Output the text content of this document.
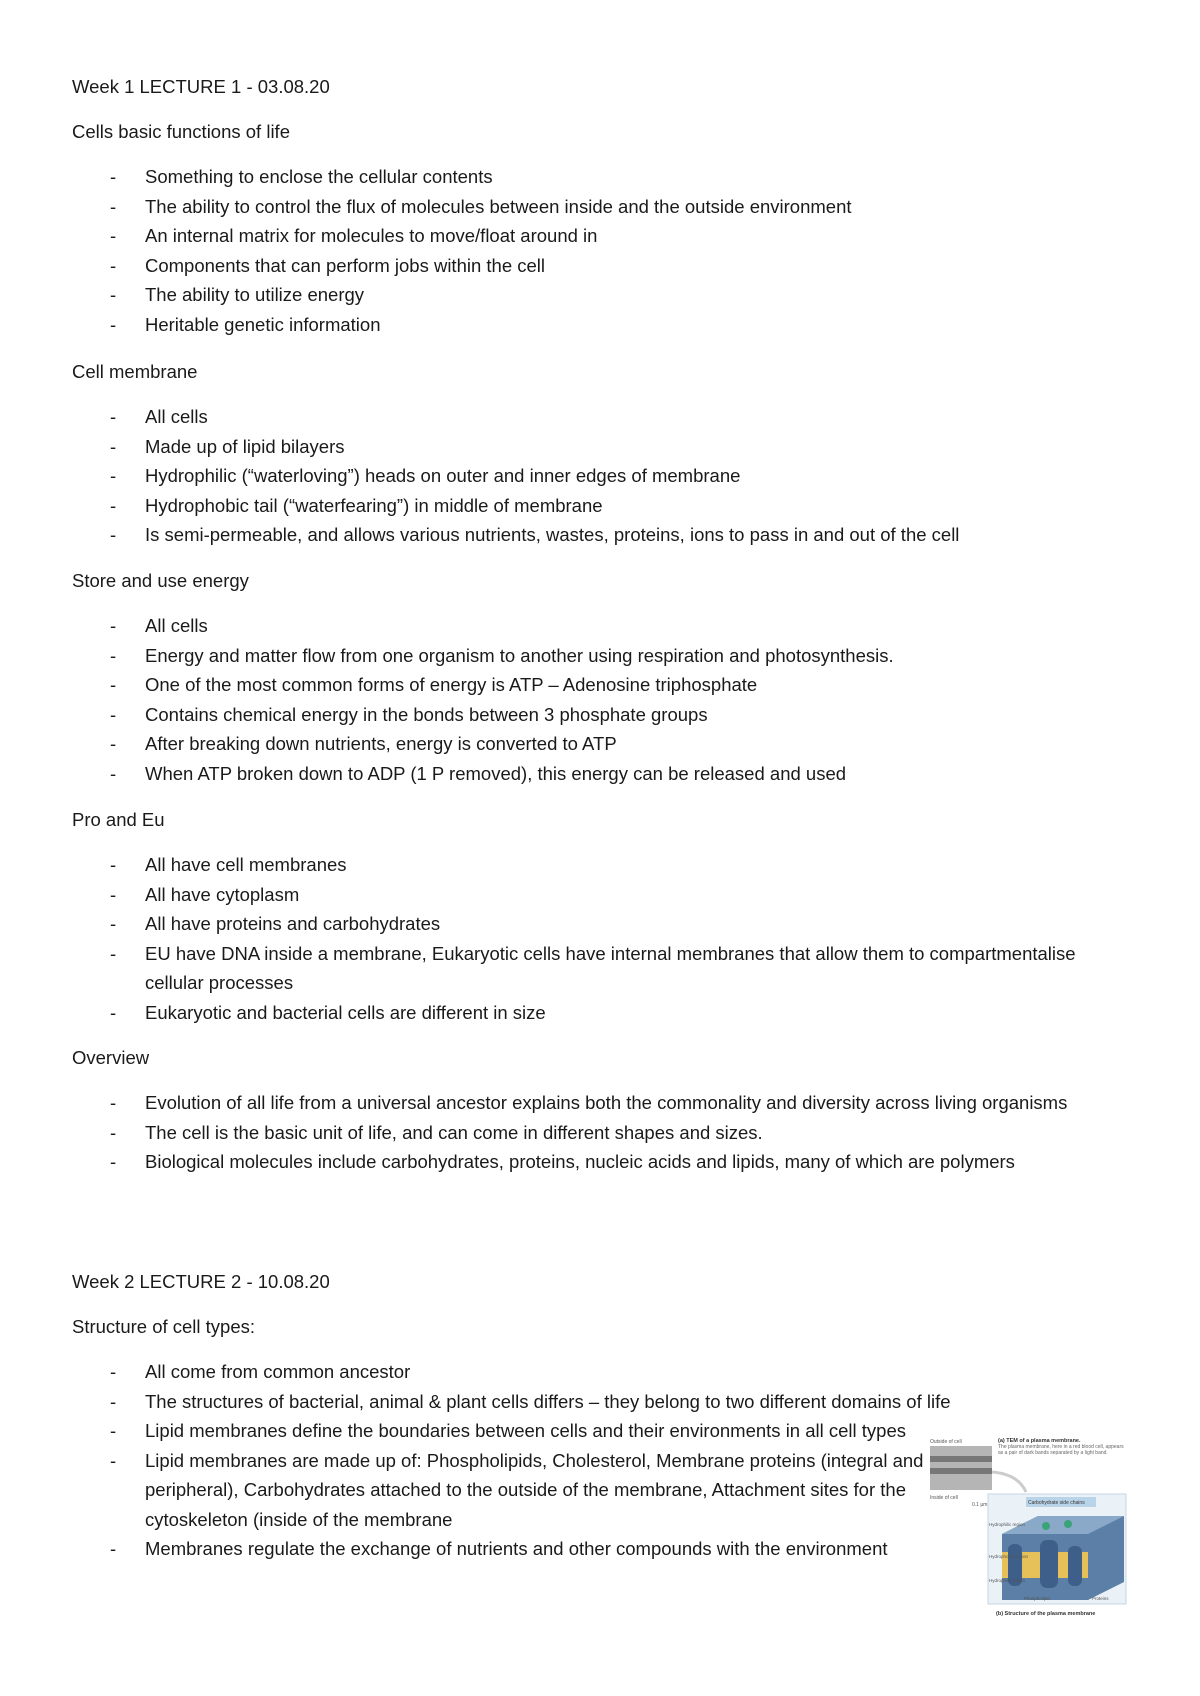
Week 1 LECTURE 1 - 03.08.20

Cells basic functions of life

- Something to enclose the cellular contents
- The ability to control the flux of molecules between inside and the outside environment
- An internal matrix for molecules to move/float around in
- Components that can perform jobs within the cell
- The ability to utilize energy
- Heritable genetic information

Cell membrane

- All cells
- Made up of lipid bilayers
- Hydrophilic (“waterloving”) heads on outer and inner edges of membrane
- Hydrophobic tail (“waterfearing”) in middle of membrane
- Is semi-permeable, and allows various nutrients, wastes, proteins, ions to pass in and out of the cell

Store and use energy

- All cells
- Energy and matter flow from one organism to another using respiration and photosynthesis.
- One of the most common forms of energy is ATP – Adenosine triphosphate
- Contains chemical energy in the bonds between 3 phosphate groups
- After breaking down nutrients, energy is converted to ATP
- When ATP broken down to ADP (1 P removed), this energy can be released and used

Pro and Eu

- All have cell membranes
- All have cytoplasm
- All have proteins and carbohydrates
- EU have DNA inside a membrane, Eukaryotic cells have internal membranes that allow them to compartmentalise cellular processes
- Eukaryotic and bacterial cells are different in size

Overview

- Evolution of all life from a universal ancestor explains both the commonality and diversity across living organisms
- The cell is the basic unit of life, and can come in different shapes and sizes.
- Biological molecules include carbohydrates, proteins, nucleic acids and lipids, many of which are polymers

Week 2 LECTURE 2 - 10.08.20

Structure of cell types:

- All come from common ancestor
- The structures of bacterial, animal & plant cells differs – they belong to two different domains of life
- Lipid membranes define the boundaries between cells and their environments in all cell types
- Lipid membranes are made up of: Phospholipids, Cholesterol, Membrane proteins (integral and peripheral), Carbohydrates attached to the outside of the membrane, Attachment sites for the cytoskeleton (inside of the membrane
- Membranes regulate the exchange of nutrients and other compounds with the environment
Outside of cell
Inside of cell
0.1 µm
(a) TEM of a plasma membrane.
The plasma membrane, here in a red blood cell, appears as a pair of dark bands separated by a light band.
Carbohydrate side chains
Hydrophilic region
Hydrophobic region
Hydrophilic region
Phospholipid	Proteins
(b) Structure of the plasma membrane
